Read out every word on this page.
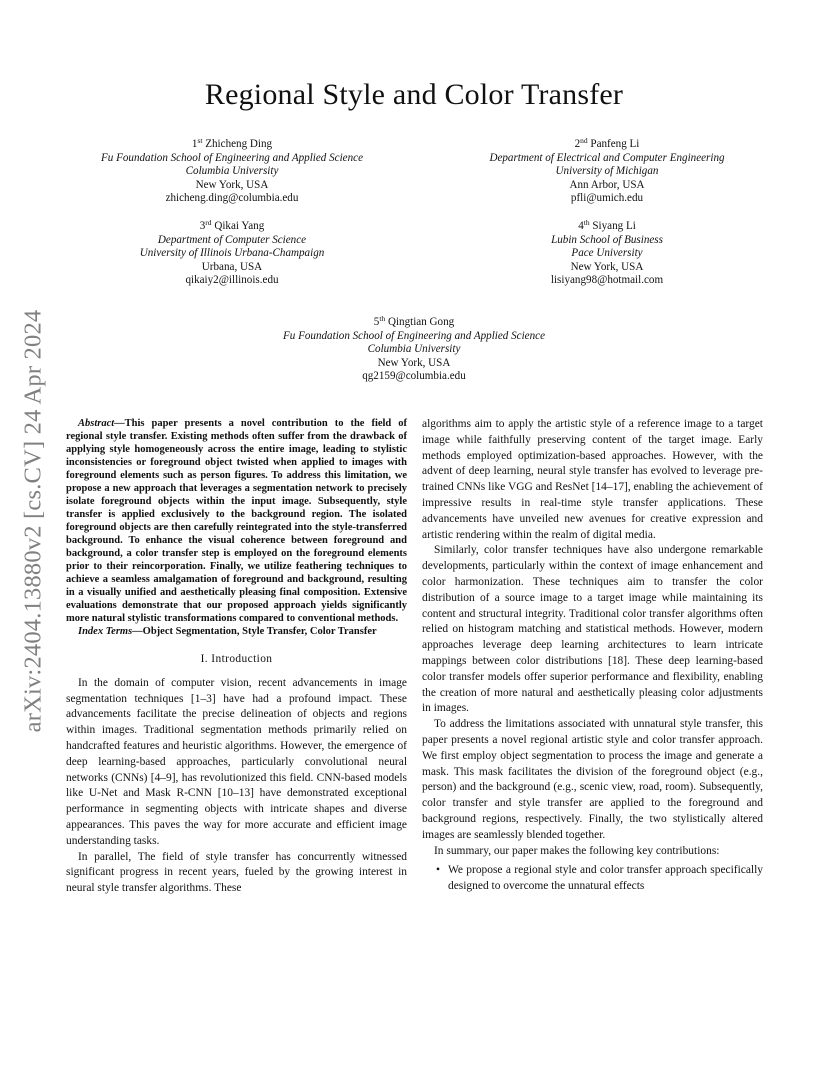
arXiv:2404.13880v2 [cs.CV] 24 Apr 2024
Regional Style and Color Transfer
1st Zhicheng Ding
Fu Foundation School of Engineering and Applied Science
Columbia University
New York, USA
zhicheng.ding@columbia.edu
2nd Panfeng Li
Department of Electrical and Computer Engineering
University of Michigan
Ann Arbor, USA
pfli@umich.edu
3rd Qikai Yang
Department of Computer Science
University of Illinois Urbana-Champaign
Urbana, USA
qikaiy2@illinois.edu
4th Siyang Li
Lubin School of Business
Pace University
New York, USA
lisiyang98@hotmail.com
5th Qingtian Gong
Fu Foundation School of Engineering and Applied Science
Columbia University
New York, USA
qg2159@columbia.edu

Abstract—This paper presents a novel contribution to the field of regional style transfer. Existing methods often suffer from the drawback of applying style homogeneously across the entire image, leading to stylistic inconsistencies or foreground object twisted when applied to images with foreground elements such as person figures. To address this limitation, we propose a new approach that leverages a segmentation network to precisely isolate foreground objects within the input image. Subsequently, style transfer is applied exclusively to the background region. The isolated foreground objects are then carefully reintegrated into the style-transferred background. To enhance the visual coherence between foreground and background, a color transfer step is employed on the foreground elements prior to their reincorporation. Finally, we utilize feathering techniques to achieve a seamless amalgamation of foreground and background, resulting in a visually unified and aesthetically pleasing final composition. Extensive evaluations demonstrate that our proposed approach yields significantly more natural stylistic transformations compared to conventional methods.

Index Terms—Object Segmentation, Style Transfer, Color Transfer

I. Introduction

In the domain of computer vision, recent advancements in image segmentation techniques [1–3] have had a profound impact. These advancements facilitate the precise delineation of objects and regions within images. Traditional segmentation methods primarily relied on handcrafted features and heuristic algorithms. However, the emergence of deep learning-based approaches, particularly convolutional neural networks (CNNs) [4–9], has revolutionized this field. CNN-based models like U-Net and Mask R-CNN [10–13] have demonstrated exceptional performance in segmenting objects with intricate shapes and diverse appearances. This paves the way for more accurate and efficient image understanding tasks.

In parallel, The field of style transfer has concurrently witnessed significant progress in recent years, fueled by the growing interest in neural style transfer algorithms. These

algorithms aim to apply the artistic style of a reference image to a target image while faithfully preserving content of the target image. Early methods employed optimization-based approaches. However, with the advent of deep learning, neural style transfer has evolved to leverage pre-trained CNNs like VGG and ResNet [14–17], enabling the achievement of impressive results in real-time style transfer applications. These advancements have unveiled new avenues for creative expression and artistic rendering within the realm of digital media.

Similarly, color transfer techniques have also undergone remarkable developments, particularly within the context of image enhancement and color harmonization. These techniques aim to transfer the color distribution of a source image to a target image while maintaining its content and structural integrity. Traditional color transfer algorithms often relied on histogram matching and statistical methods. However, modern approaches leverage deep learning architectures to learn intricate mappings between color distributions [18]. These deep learning-based color transfer models offer superior performance and flexibility, enabling the creation of more natural and aesthetically pleasing color adjustments in images.

To address the limitations associated with unnatural style transfer, this paper presents a novel regional artistic style and color transfer approach. We first employ object segmentation to process the image and generate a mask. This mask facilitates the division of the foreground object (e.g., person) and the background (e.g., scenic view, road, room). Subsequently, color transfer and style transfer are applied to the foreground and background regions, respectively. Finally, the two stylistically altered images are seamlessly blended together.

In summary, our paper makes the following key contributions:

• We propose a regional style and color transfer approach specifically designed to overcome the unnatural effects
